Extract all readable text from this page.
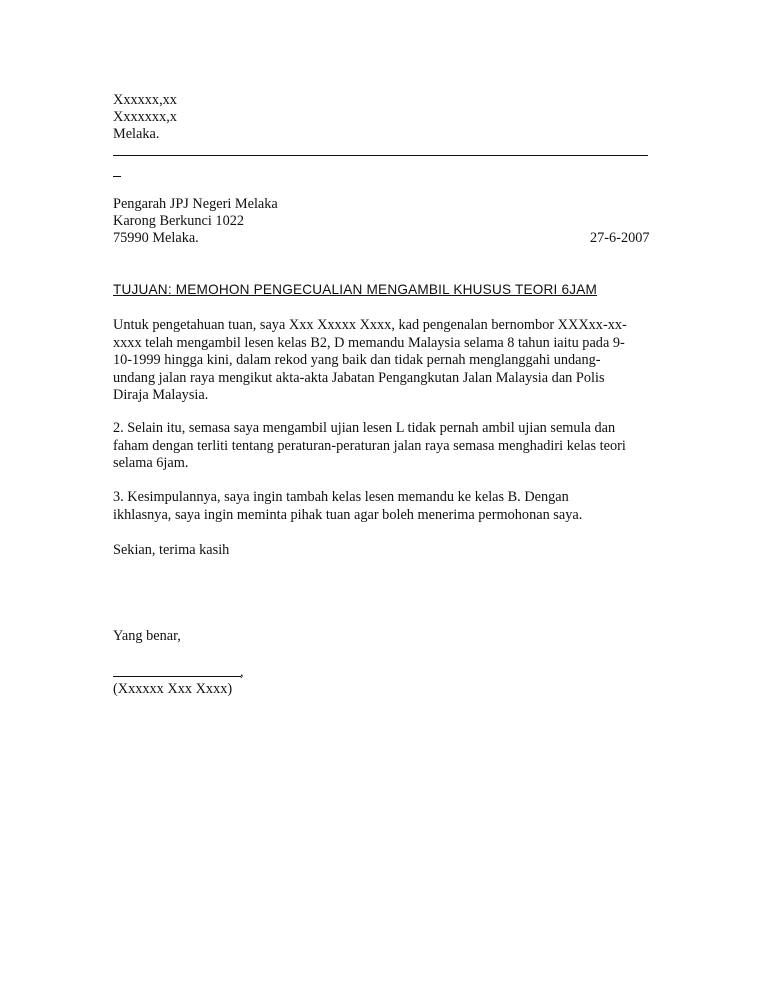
Xxxxxx,xx
Xxxxxxx,x
Melaka.
Pengarah JPJ Negeri Melaka
Karong Berkunci 1022
75990 Melaka.	27-6-2007
TUJUAN: MEMOHON PENGECUALIAN MENGAMBIL KHUSUS TEORI 6JAM
Untuk pengetahuan tuan, saya Xxx Xxxxx Xxxx, kad pengenalan bernombor XXXxx-xx-
xxxx telah mengambil lesen kelas B2, D memandu Malaysia selama 8 tahun iaitu pada 9-
10-1999 hingga kini, dalam rekod yang baik dan tidak pernah menglanggahi undang-
undang jalan raya mengikut akta-akta Jabatan Pengangkutan Jalan Malaysia dan Polis
Diraja Malaysia.
2. Selain itu, semasa saya mengambil ujian lesen L tidak pernah ambil ujian semula dan
faham dengan terliti tentang peraturan-peraturan jalan raya semasa menghadiri kelas teori
selama 6jam.
3. Kesimpulannya, saya ingin tambah kelas lesen memandu ke kelas B. Dengan
ikhlasnya, saya ingin meminta pihak tuan agar boleh menerima permohonan saya.
Sekian, terima kasih
Yang benar,
,
(Xxxxxx Xxx Xxxx)
